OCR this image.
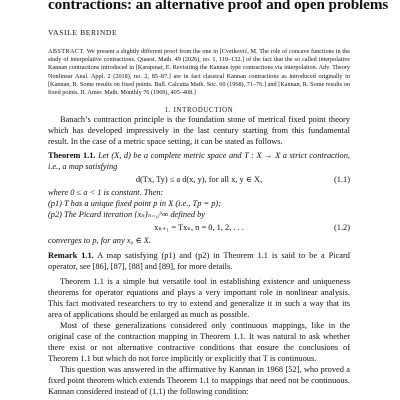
contractions: an alternative proof and open problems
VASILE BERINDE
ABSTRACT. We present a slightly different proof from the one in [Cvetković, M. The role of concave functions in the study of interpolative contractions. Quaest. Math. 49 (2026), no. 1, 119–132.] of the fact that the so called interpolative Kannan contractions introduced in [Karapınar, E. Revisiting the Kannan type contractions via interpolation. Adv. Theory Nonlinear Anal. Appl. 2 (2018), no. 2, 85–87.] are in fact classical Kannan contractions as introduced originally in [Kannan, R. Some results on fixed points. Bull. Calcutta Math. Soc. 60 (1968), 71–76.] and [Kannan, R. Some results on fixed points. II. Amer. Math. Monthly 76 (1969), 405–408.]
1. INTRODUCTION

Banach’s contraction principle is the foundation stone of metrical fixed point theory which has developed impressively in the last century starting from this fundamental result. In the case of a metric space setting, it can be stated as follows.

Theorem 1.1. Let (X, d) be a complete metric space and T : X → X a strict contraction, i.e., a map satisfying

d(Tx, Ty) ≤ a d(x, y), for all x, y ∈ X,	(1.1)

where 0 ≤ a < 1 is constant. Then:

(p1) T has a unique fixed point p in X (i.e., Tp = p);

(p2) The Picard iteration {xₙ}ₙ₌₀^∞ defined by

xₙ₊₁ = Txₙ, n = 0, 1, 2, . . .	(1.2)

converges to p, for any x₀ ∈ X.

Remark 1.1. A map satisfying (p1) and (p2) in Theorem 1.1 is said to be a Picard operator, see [86], [87], [88] and [89], for more details.

Theorem 1.1 is a simple but versatile tool in establishing existence and uniqueness theorems for operator equations and plays a very important role in nonlinear analysis. This fact motivated researchers to try to extend and generalize it in such a way that its area of applications should be enlarged as much as possible.

Most of these generalizations considered only continuous mappings, like in the original case of the contraction mapping in Theorem 1.1. It was natural to ask whether there exist or not alternative contractive conditions that ensure the conclusions of Theorem 1.1 but which do not force implicitly or explicitly that T is continuous.

This question was answered in the affirmative by Kannan in 1968 [52], who proved a fixed point theorem which extends Theorem 1.1 to mappings that need not be continuous. Kannan considered instead of (1.1) the following condition:
